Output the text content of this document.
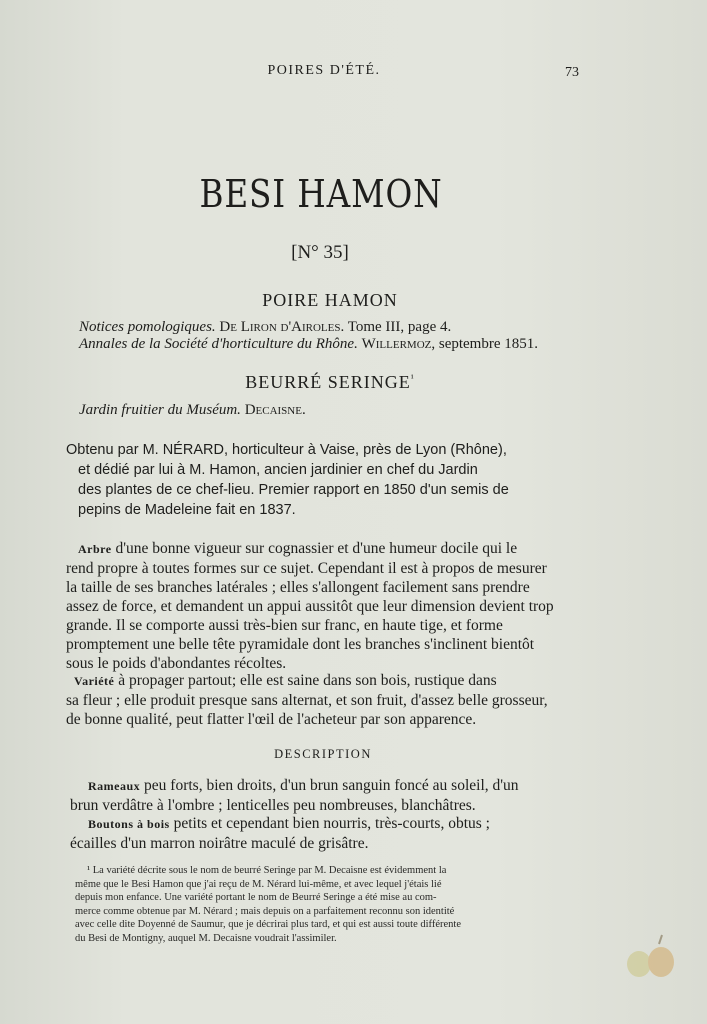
POIRES D'ÉTÉ.	73
BESI HAMON
[N° 35]
POIRE HAMON
Notices pomologiques. De Liron d'Airoles. Tome III, page 4.
Annales de la Société d'horticulture du Rhône. Willermoz, septembre 1851.
BEURRÉ $SERINGE^{^1}$
Jardin fruitier du Muséum. Decaisne.
Obtenu par M. NÉRARD, horticulteur à Vaise, près de Lyon (Rhône),
et dédié par lui à M. Hamon, ancien jardinier en chef du Jardin
des plantes de ce chef-lieu. Premier rapport en 1850 d'un semis de
pepins de Madeleine fait en 1837.
Arbre d'une bonne vigueur sur cognassier et d'une humeur docile qui le
rend propre à toutes formes sur ce sujet. Cependant il est à propos de mesurer
la taille de ses branches latérales ; elles s'allongent facilement sans prendre
assez de force, et demandent un appui aussitôt que leur dimension devient trop
grande. Il se comporte aussi très-bien sur franc, en haute tige, et forme
promptement une belle tête pyramidale dont les branches s'inclinent bientôt
sous le poids d'abondantes récoltes.
Variété à propager partout; elle est saine dans son bois, rustique dans
sa fleur ; elle produit presque sans alternat, et son fruit, d'assez belle grosseur,
de bonne qualité, peut flatter l'œil de l'acheteur par son apparence.
DESCRIPTION
Rameaux peu forts, bien droits, d'un brun sanguin foncé au soleil, d'un
brun verdâtre à l'ombre ; lenticelles peu nombreuses, blanchâtres.
Boutons à bois petits et cependant bien nourris, très-courts, obtus ;
écailles d'un marron noirâtre maculé de grisâtre.
¹ La variété décrite sous le nom de beurré Seringe par M. Decaisne est évidemment la
même que le Besi Hamon que j'ai reçu de M. Nérard lui-même, et avec lequel j'étais lié
depuis mon enfance. Une variété portant le nom de Beurré Seringe a été mise au com-
merce comme obtenue par M. Nérard ; mais depuis on a parfaitement reconnu son identité
avec celle dite Doyenné de Saumur, que je décrirai plus tard, et qui est aussi toute différente
du Besi de Montigny, auquel M. Decaisne voudrait l'assimiler.
